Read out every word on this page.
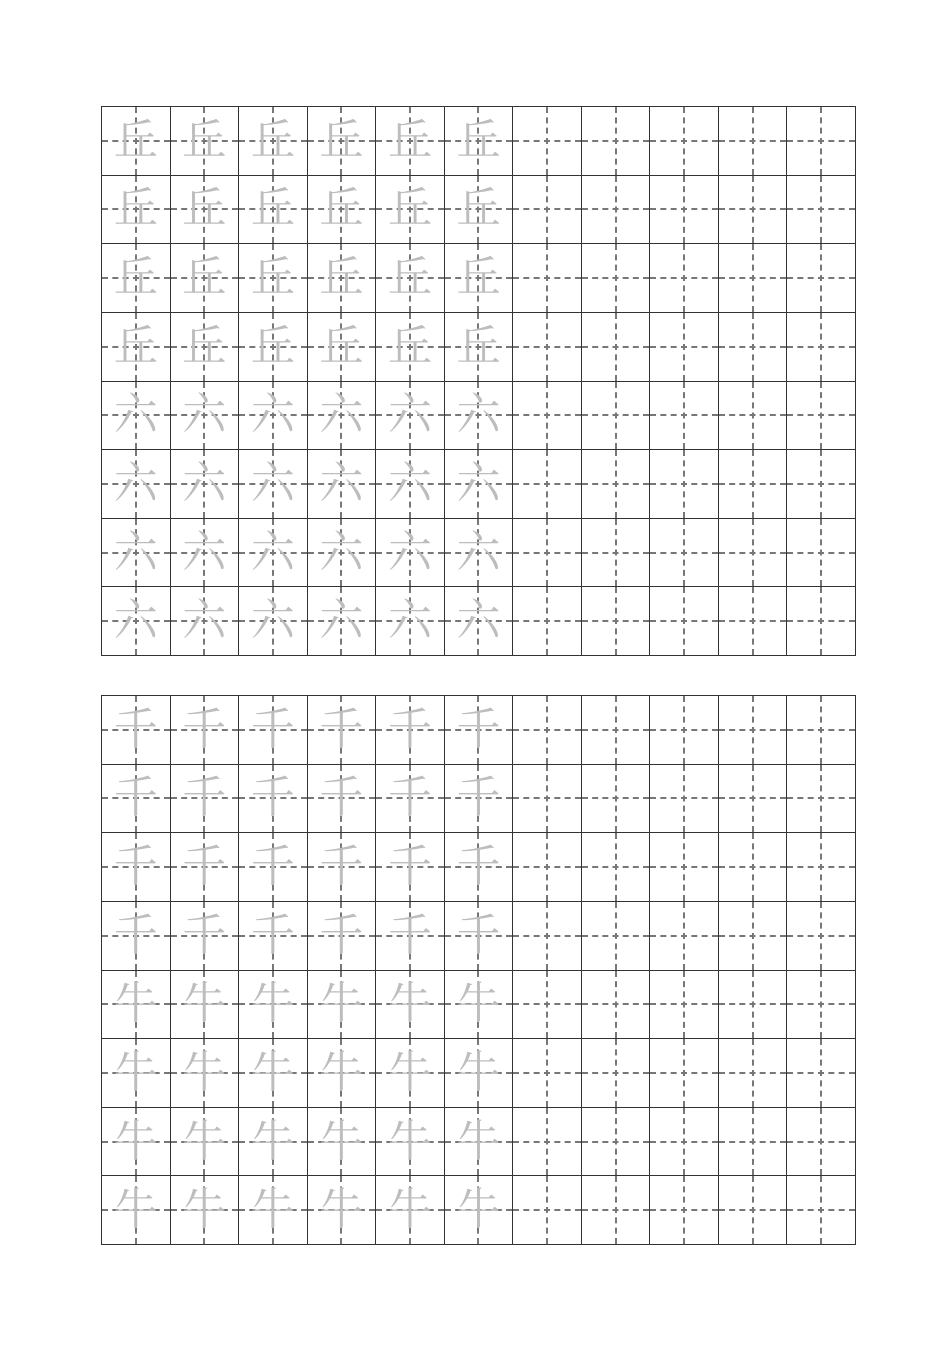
丘 丘 丘 丘 丘 丘
丘 丘 丘 丘 丘 丘
丘 丘 丘 丘 丘 丘
丘 丘 丘 丘 丘 丘
六 六 六 六 六 六
六 六 六 六 六 六
六 六 六 六 六 六
六 六 六 六 六 六
千 千 千 千 千 千
千 千 千 千 千 千
千 千 千 千 千 千
千 千 千 千 千 千
牛 牛 牛 牛 牛 牛
牛 牛 牛 牛 牛 牛
牛 牛 牛 牛 牛 牛
牛 牛 牛 牛 牛 牛
